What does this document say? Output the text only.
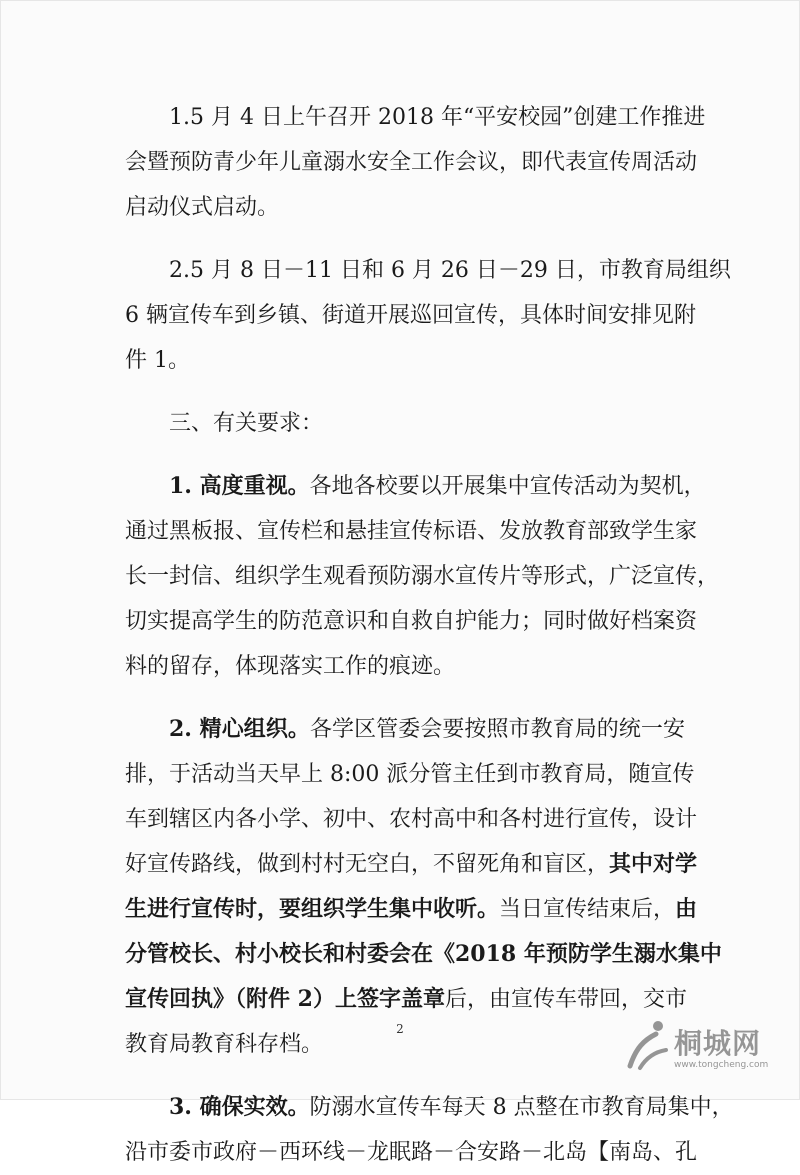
1.5 月 4 日上午召开 2018 年“平安校园”创建工作推进
会暨预防青少年儿童溺水安全工作会议，即代表宣传周活动
启动仪式启动。
2.5 月 8 日－11 日和 6 月 26 日－29 日，市教育局组织
6 辆宣传车到乡镇、街道开展巡回宣传，具体时间安排见附
件 1。
三、有关要求：
1. 高度重视。各地各校要以开展集中宣传活动为契机，
通过黑板报、宣传栏和悬挂宣传标语、发放教育部致学生家
长一封信、组织学生观看预防溺水宣传片等形式，广泛宣传，
切实提高学生的防范意识和自救自护能力；同时做好档案资
料的留存，体现落实工作的痕迹。
2. 精心组织。各学区管委会要按照市教育局的统一安
排，于活动当天早上 8:00 派分管主任到市教育局，随宣传
车到辖区内各小学、初中、农村高中和各村进行宣传，设计
好宣传路线，做到村村无空白，不留死角和盲区，其中对学
生进行宣传时，要组织学生集中收听。当日宣传结束后，由
分管校长、村小校长和村委会在《2018 年预防学生溺水集中
宣传回执》（附件 2）上签字盖章后，由宣传车带回，交市
教育局教育科存档。
3. 确保实效。防溺水宣传车每天 8 点整在市教育局集中，
沿市委市政府－西环线－龙眠路－合安路－北岛【南岛、孔
2	桐城网
www.tongcheng.com
